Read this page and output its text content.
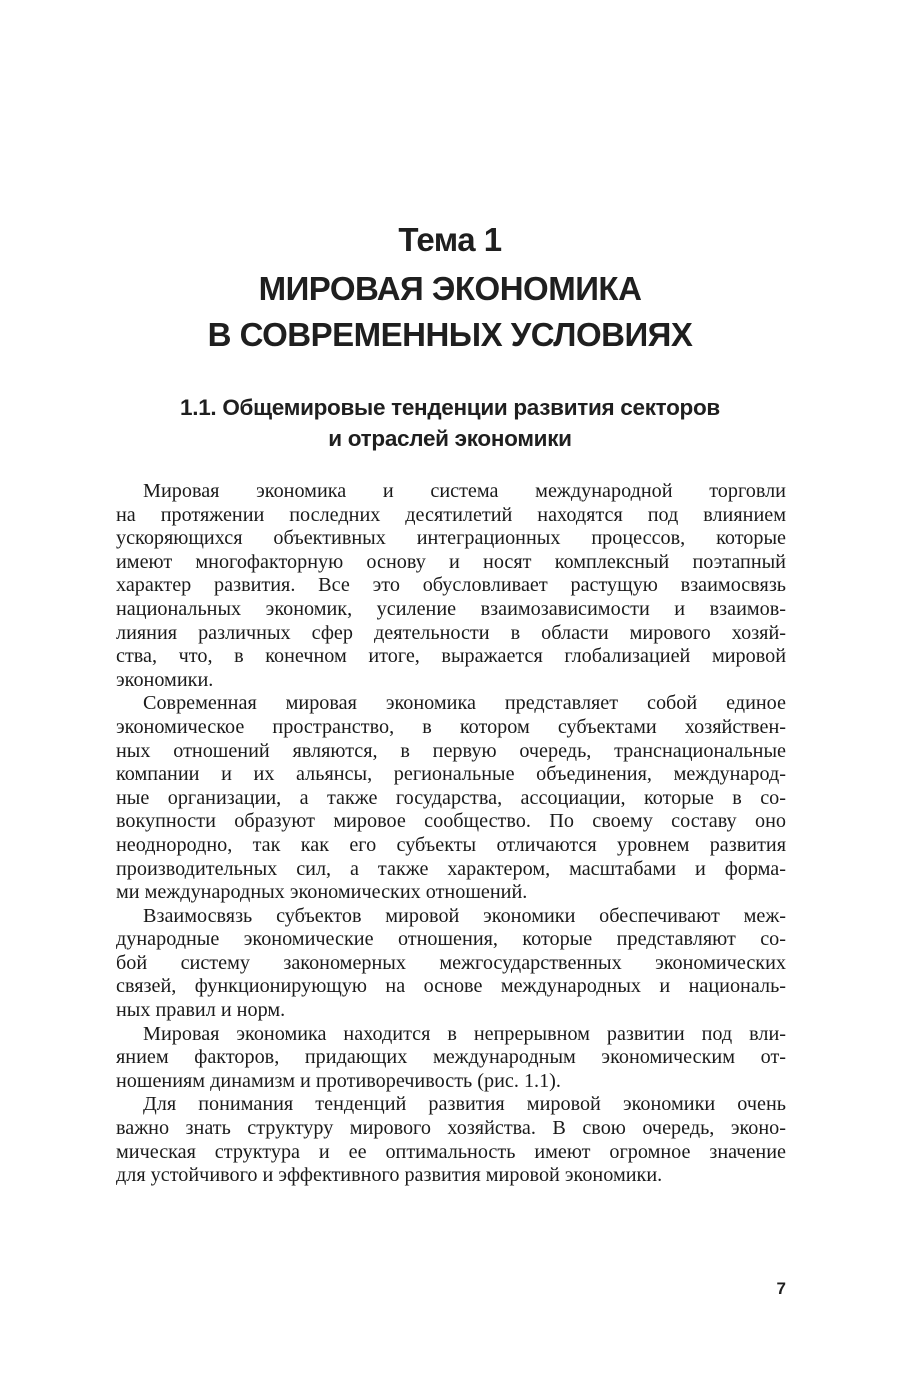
Тема 1
МИРОВАЯ ЭКОНОМИКА
В СОВРЕМЕННЫХ УСЛОВИЯХ
1.1. Общемировые тенденции развития секторов
и отраслей экономики
Мировая экономика и система международной торговли
на протяжении последних десятилетий находятся под влиянием
ускоряющихся объективных интеграционных процессов, которые
имеют многофакторную основу и носят комплексный поэтапный
характер развития. Все это обусловливает растущую взаимосвязь
национальных экономик, усиление взаимозависимости и взаимов-
лияния различных сфер деятельности в области мирового хозяй-
ства, что, в конечном итоге, выражается глобализацией мировой
экономики.
Современная мировая экономика представляет собой единое
экономическое пространство, в котором субъектами хозяйствен-
ных отношений являются, в первую очередь, транснациональные
компании и их альянсы, региональные объединения, международ-
ные организации, а также государства, ассоциации, которые в со-
вокупности образуют мировое сообщество. По своему составу оно
неоднородно, так как его субъекты отличаются уровнем развития
производительных сил, а также характером, масштабами и форма-
ми международных экономических отношений.
Взаимосвязь субъектов мировой экономики обеспечивают меж-
дународные экономические отношения, которые представляют со-
бой систему закономерных межгосударственных экономических
связей, функционирующую на основе международных и националь-
ных правил и норм.
Мировая экономика находится в непрерывном развитии под вли-
янием факторов, придающих международным экономическим от-
ношениям динамизм и противоречивость (рис. 1.1).
Для понимания тенденций развития мировой экономики очень
важно знать структуру мирового хозяйства. В свою очередь, эконо-
мическая структура и ее оптимальность имеют огромное значение
для устойчивого и эффективного развития мировой экономики.
7
